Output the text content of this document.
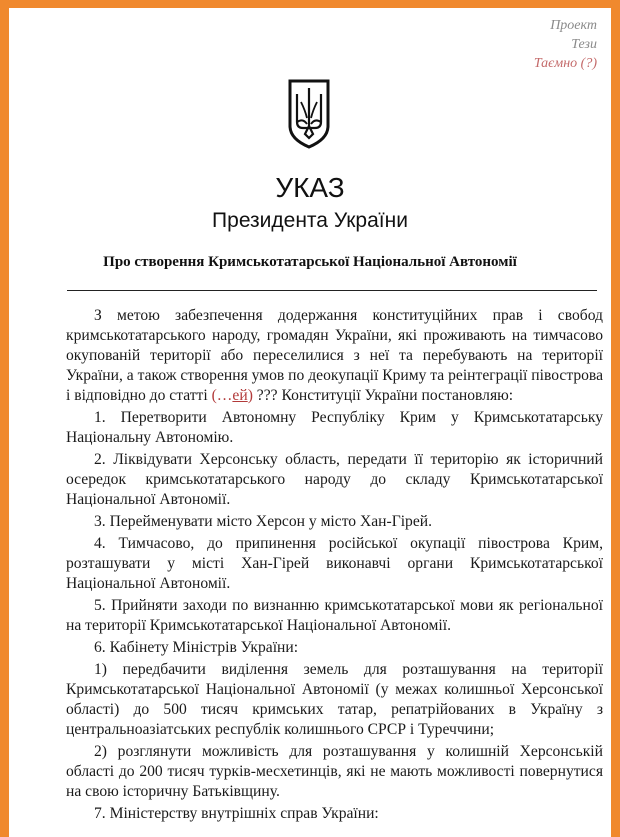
Проект
Тези
Таємно (?)
УКАЗ
Президента України
Про створення Кримськотатарської Національної Автономії

З метою забезпечення додержання конституційних прав і свобод кримськотатарського народу, громадян України, які проживають на тимчасово окупованій території або переселилися з неї та перебувають на території України, а також створення умов по деокупації Криму та реінтеграції півострова і відповідно до статті (…ей) ??? Конституції України постановляю:

1. Перетворити Автономну Республіку Крим у Кримськотатарську Національну Автономію.

2. Ліквідувати Херсонську область, передати її територію як історичний осередок кримськотатарського народу до складу Кримськотатарської Національної Автономії.

3. Перейменувати місто Херсон у місто Хан-Гірей.

4. Тимчасово, до припинення російської окупації півострова Крим, розташувати у місті Хан-Гірей виконавчі органи Кримськотатарської Національної Автономії.

5. Прийняти заходи по визнанню кримськотатарської мови як регіональної на території Кримськотатарської Національної Автономії.

6. Кабінету Міністрів України:

1) передбачити виділення земель для розташування на території Кримськотатарської Національної Автономії (у межах колишньої Херсонської області) до 500 тисяч кримських татар, репатрійованих в Україну з центральноазіатських республік колишнього СРСР і Туреччини;

2) розглянути можливість для розташування у колишній Херсонській області до 200 тисяч турків-месхетинців, які не мають можливості повернутися на свою історичну Батьківщину.

7. Міністерству внутрішніх справ України:
